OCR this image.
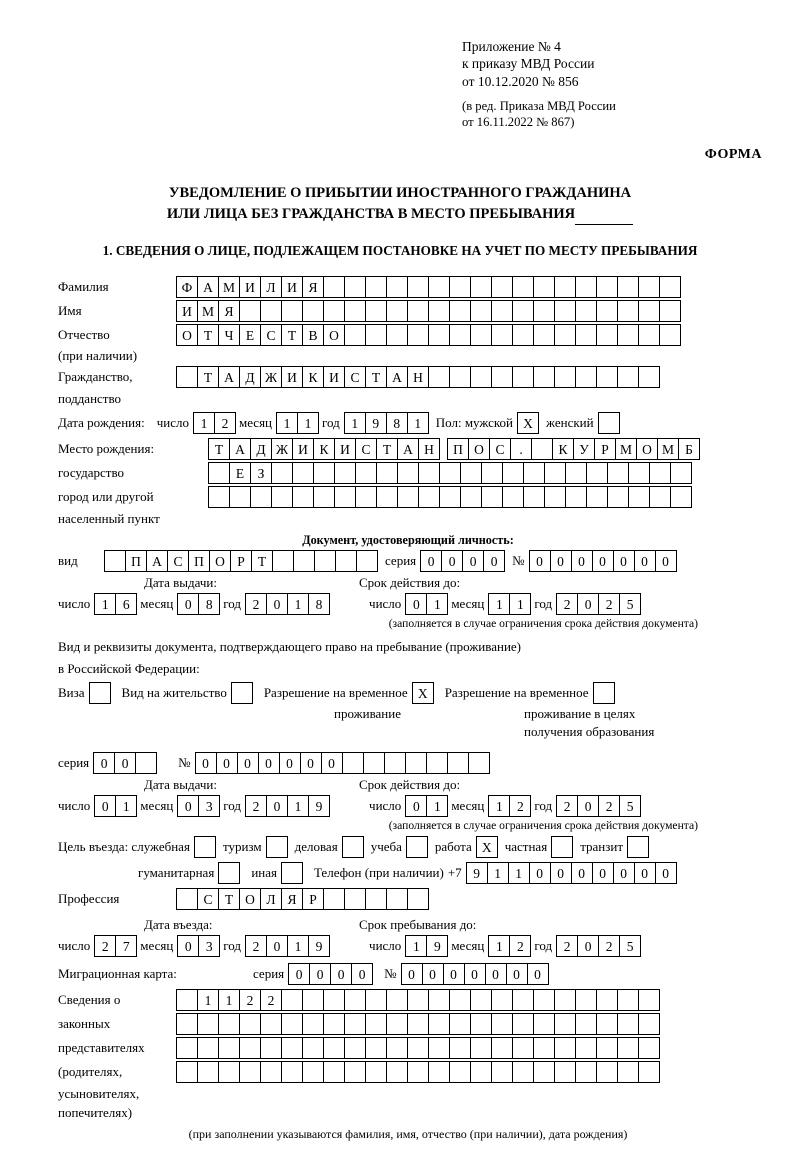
Приложение № 4
к приказу МВД России
от 10.12.2020 № 856
(в ред. Приказа МВД России
от 16.11.2022 № 867)
ФОРМА
УВЕДОМЛЕНИЕ О ПРИБЫТИИ ИНОСТРАННОГО ГРАЖДАНИНА
ИЛИ ЛИЦА БЕЗ ГРАЖДАНСТВА В МЕСТО ПРЕБЫВАНИЯ
1. СВЕДЕНИЯ О ЛИЦЕ, ПОДЛЕЖАЩЕМ ПОСТАНОВКЕ НА УЧЕТ ПО МЕСТУ ПРЕБЫВАНИЯ
Фамилия	Ф А М И Л И Я
Имя	И М Я
Отчество	О Т Ч Е С Т В О
(при наличии)
Гражданство,	Т А Д Ж И К И С Т А Н
подданство
Дата рождения: число 1	2 месяц 1	1 год 1	9	8	1	Пол: мужской Х	женский
Место рождения:	Т А Д Ж И К И С Т А Н	П О С	.	К У Р М О М Б
государство	Е З
город или другой
населенный пункт
Документ, удостоверяющий личность:
вид	П А С П О Р Т	серия 0	0	0	0	№ 0	0	0	0	0	0	0
Дата выдачи:	Срок действия до:
число 1	6 месяц 0	8 год 2	0	1	8	число 0	1 месяц 1	1 год 2	0	2	5
(заполняется в случае ограничения срока действия документа)
Вид и реквизиты документа, подтверждающего право на пребывание (проживание)
в Российской Федерации:
Виза	Вид на жительство	Разрешение на временное Х	Разрешение на временное
проживание	проживание в целях
получения образования
серия 0	0	№ 0	0	0	0	0	0	0
Дата выдачи:	Срок действия до:
число 0	1 месяц 0	3 год 2	0	1	9	число 0	1 месяц 1	2 год 2	0	2	5
(заполняется в случае ограничения срока действия документа)
Цель въезда: служебная	туризм	деловая	учеба	работа Х	частная	транзит
гуманитарная	иная	Телефон (при наличии) +7 9	1	1	0	0	0	0	0	0	0
Профессия	С Т О Л Я Р
Дата въезда:	Срок пребывания до:
число 2	7 месяц 0	3 год 2	0	1	9	число 1	9 месяц 1	2 год 2	0	2	5
Миграционная карта:	серия 0	0	0	0	№ 0	0	0	0	0	0	0
Сведения о	1	1	2	2
законных
представителях
(родителях,
усыновителях,
попечителях)
(при заполнении указываются фамилия, имя, отчество (при наличии), дата рождения)
